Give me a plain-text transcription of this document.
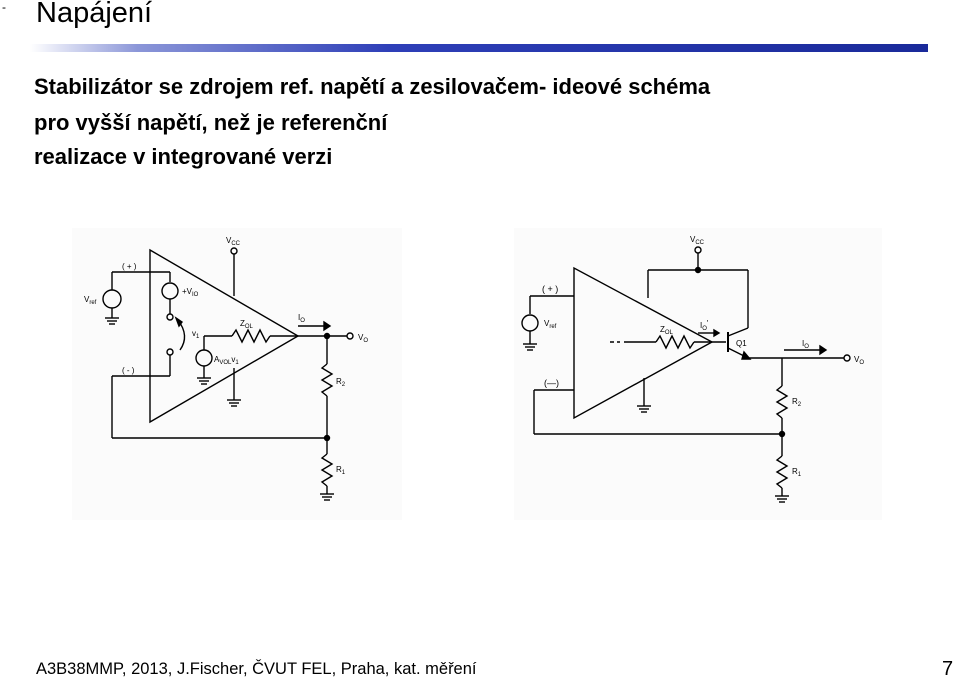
- Napájení
Stabilizátor se zdrojem ref. napětí a zesilovačem- ideové schéma
pro vyšší napětí, než je referenční
realizace v integrované verzi
$V_{CC}$
( + )
( - )
$V_{ref}$
$+V_{IO}$
$v_1$
$Z_{OL}$
$A_{VOL}v_1$
$I_O$
$V_O$
$R_2$
$R_1$
$V_{CC}$
( + )
(—)
$V_{ref}$	$Z_{OL}$
$I_O'$
Q1	$I_O$
$V_O$
$R_2$
$R_1$
A3B38MMP, 2013, J.Fischer, ČVUT FEL, Praha, kat. měření	7
